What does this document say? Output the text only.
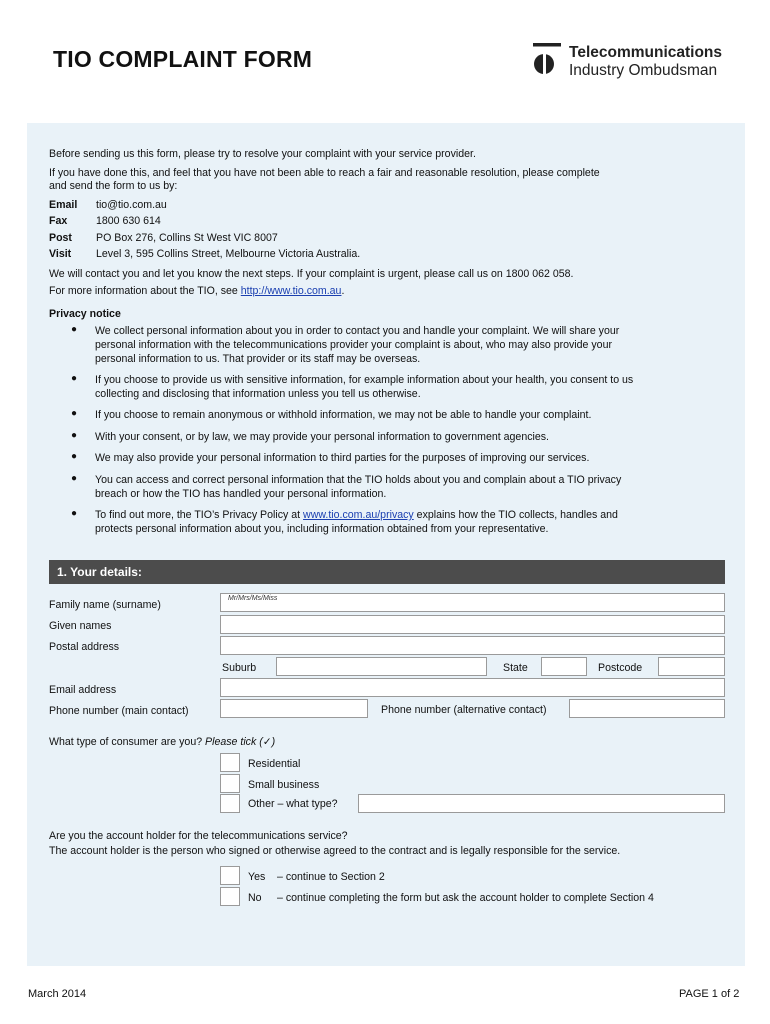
TIO COMPLAINT FORM	Telecommunications
Industry Ombudsman
Before sending us this form, please try to resolve your complaint with your service provider.
If you have done this, and feel that you have not been able to reach a fair and reasonable resolution, please complete
and send the form to us by:
Email tio@tio.com.au
Fax	1800 630 614
Post PO Box 276, Collins St West VIC 8007
Visit Level 3, 595 Collins Street, Melbourne Victoria Australia.
We will contact you and let you know the next steps. If your complaint is urgent, please call us on 1800 062 058.
For more information about the TIO, see http://www.tio.com.au.
Privacy notice
● We collect personal information about you in order to contact you and handle your complaint. We will share your
personal information with the telecommunications provider your complaint is about, who may also provide your
personal information to us. That provider or its staff may be overseas.
● If you choose to provide us with sensitive information, for example information about your health, you consent to us
collecting and disclosing that information unless you tell us otherwise.
● If you choose to remain anonymous or withhold information, we may not be able to handle your complaint.
● With your consent, or by law, we may provide your personal information to government agencies.
● We may also provide your personal information to third parties for the purposes of improving our services.
● You can access and correct personal information that the TIO holds about you and complain about a TIO privacy
breach or how the TIO has handled your personal information.
● To find out more, the TIO’s Privacy Policy at www.tio.com.au/privacy explains how the TIO collects, handles and
protects personal information about you, including information obtained from your representative.
1. Your details:
Family name (surname)
Mr/Mrs/Ms/Miss
Given names
Postal address
Suburb	State	Postcode
Email address
Phone number (main contact)	Phone number (alternative contact)
What type of consumer are you? Please tick (✓)
Residential
Small business
Other – what type?
Are you the account holder for the telecommunications service?
The account holder is the person who signed or otherwise agreed to the contract and is legally responsible for the service.
Yes – continue to Section 2
No – continue completing the form but ask the account holder to complete Section 4
March 2014	PAGE 1 of 2
